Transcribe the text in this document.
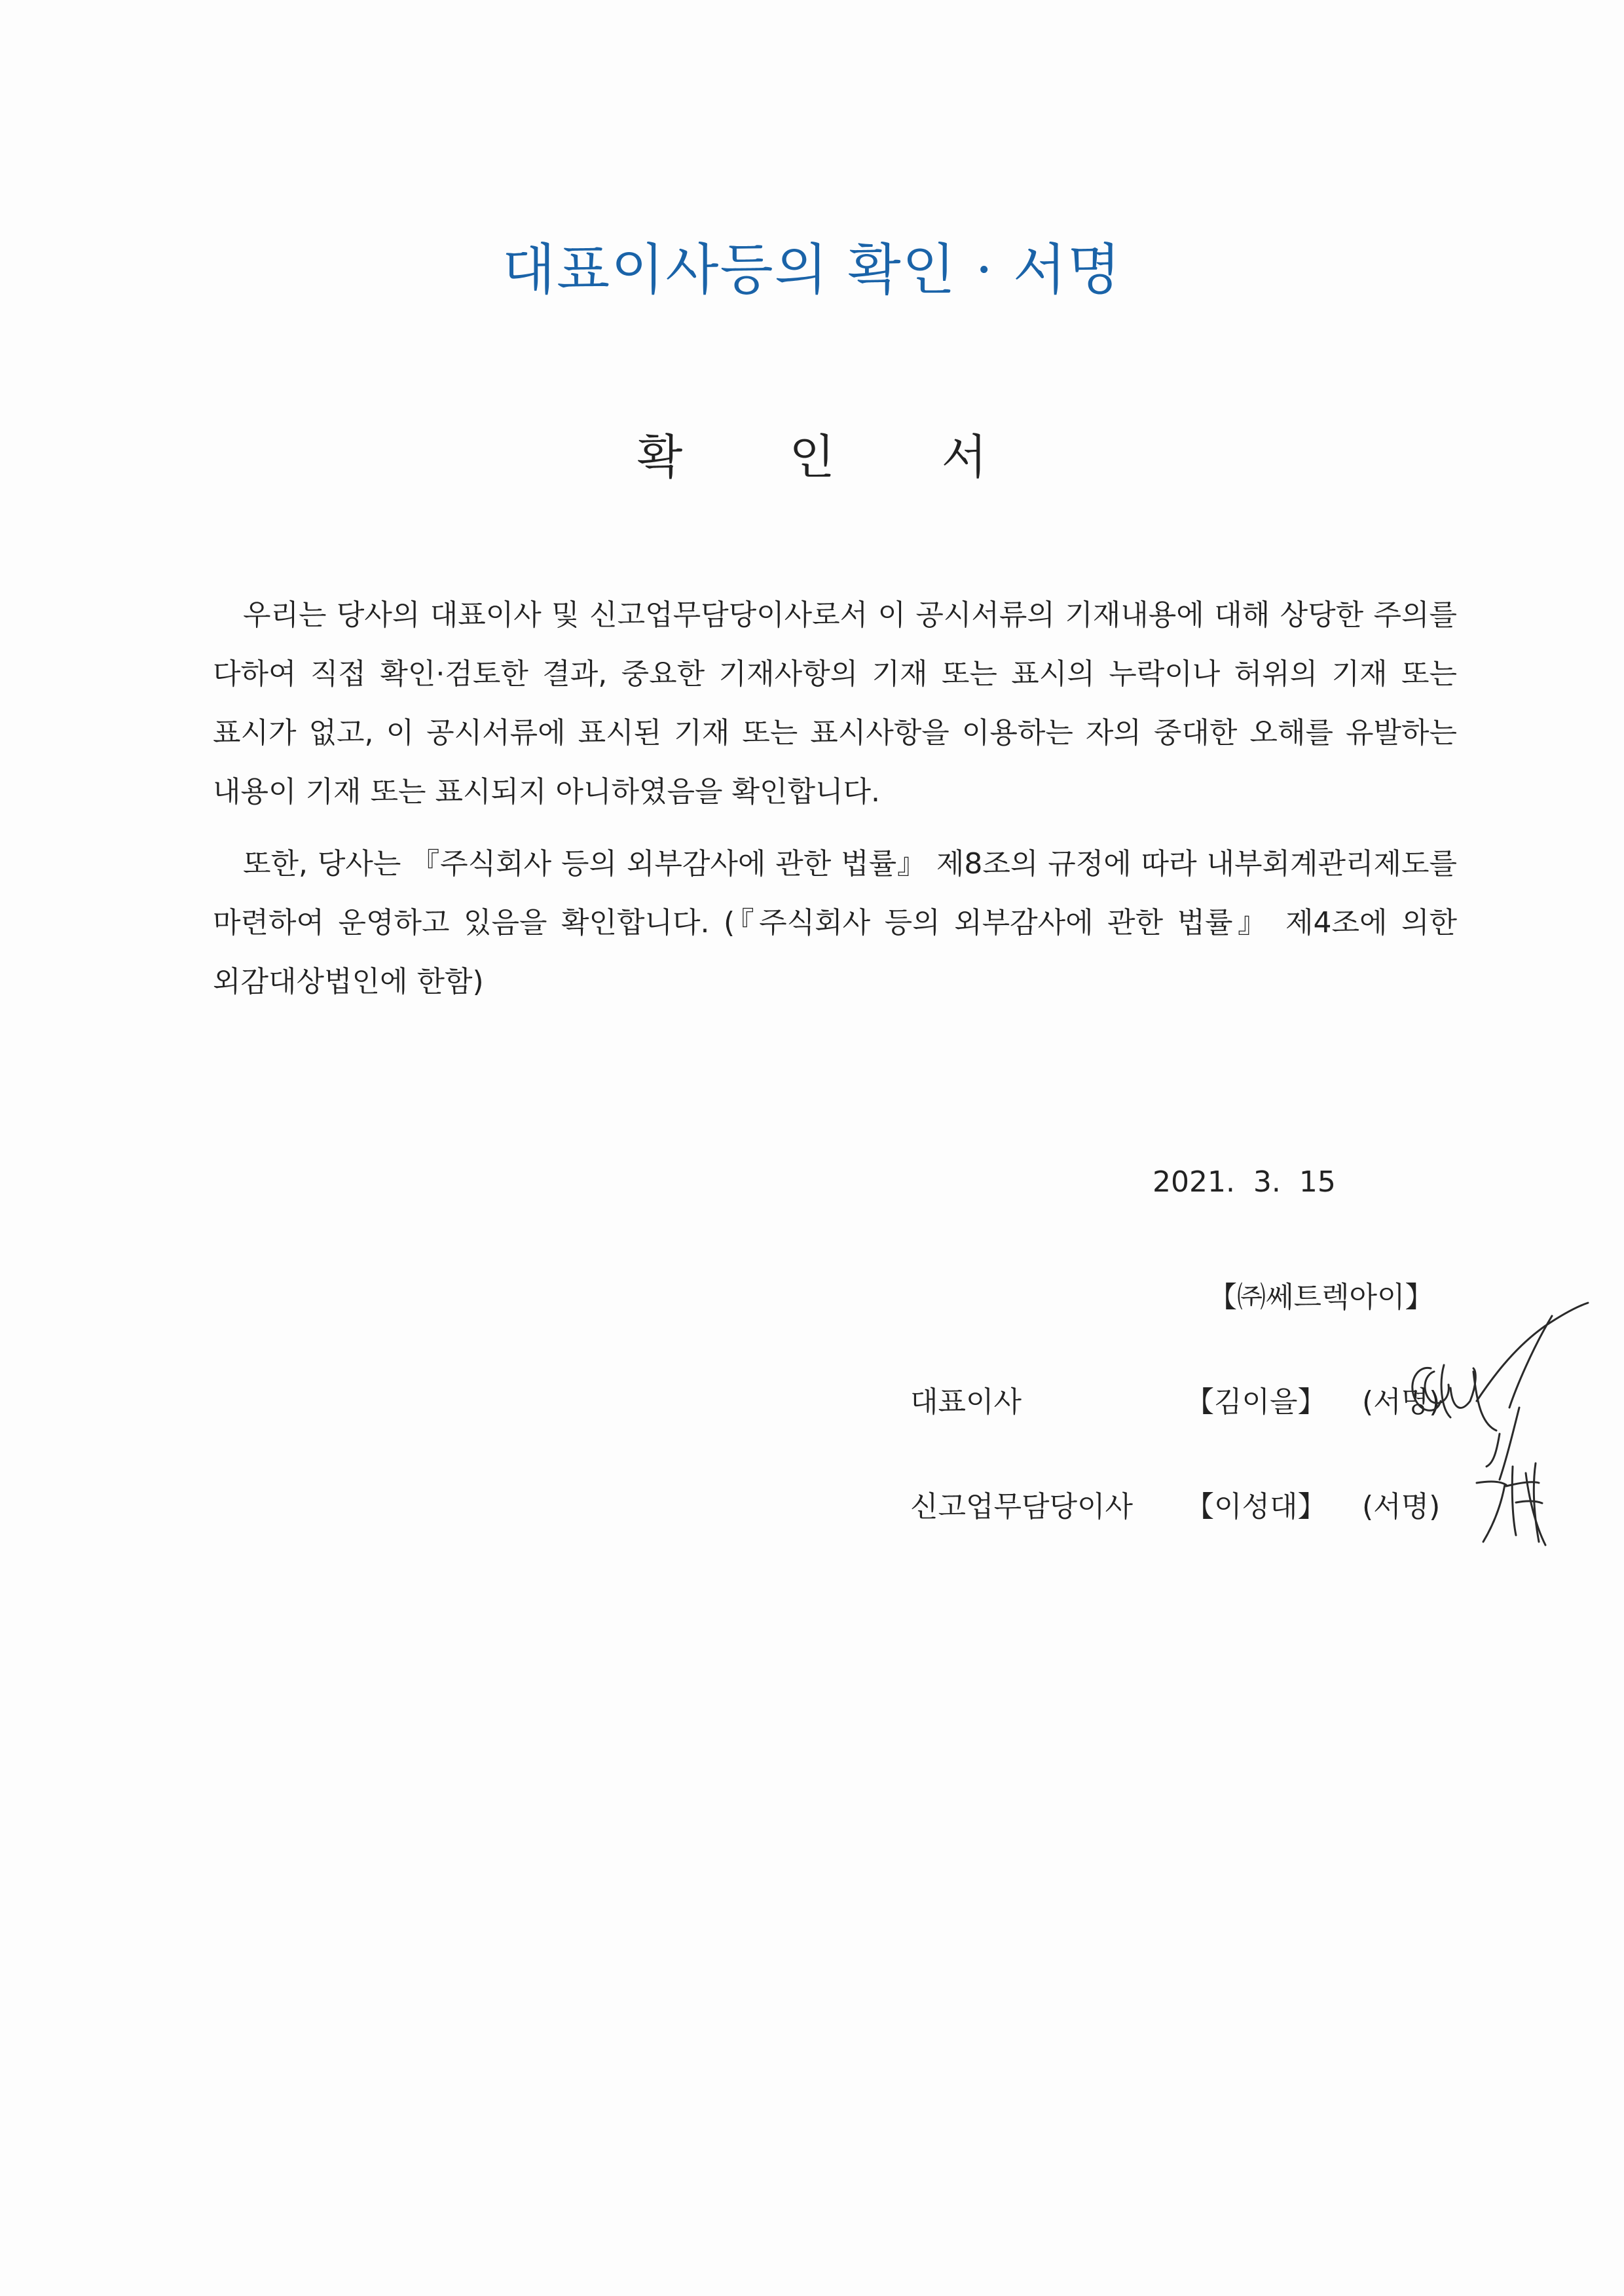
대표이사등의 확인 · 서명
확 인 서

우리는 당사의 대표이사 및 신고업무담당이사로서 이 공시서류의 기재내용에 대해 상당한 주의를 다하여 직접 확인·검토한 결과, 중요한 기재사항의 기재 또는 표시의 누락이나 허위의 기재 또는 표시가 없고, 이 공시서류에 표시된 기재 또는 표시사항을 이용하는 자의 중대한 오해를 유발하는 내용이 기재 또는 표시되지 아니하였음을 확인합니다.

또한, 당사는 『주식회사 등의 외부감사에 관한 법률』 제8조의 규정에 따라 내부회계관리제도를 마련하여 운영하고 있음을 확인합니다. (『주식회사 등의 외부감사에 관한 법률』 제4조에 의한 외감대상법인에 한함)

2021.  3.  15
【㈜쎄트렉아이】
대표이사	【김이을】 (서명)
신고업무담당이사 【이성대】 (서명)
